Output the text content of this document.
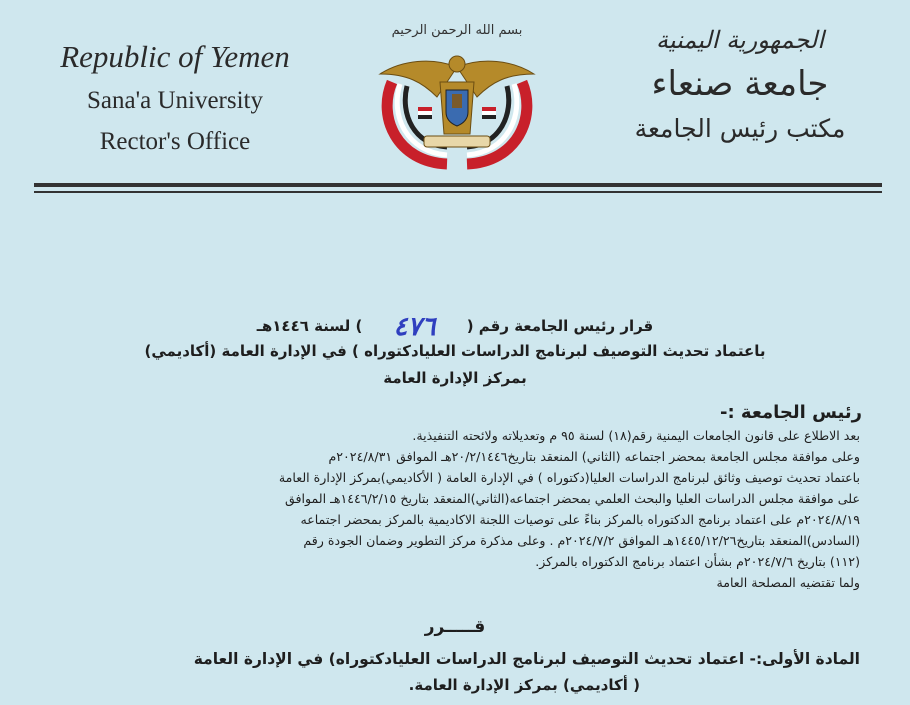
Republic of Yemen
Sana'a University
Rector's Office
بسم الله الرحمن الرحيم	الجمهورية اليمنية
جامعة صنعاء
مكتب رئيس الجامعة
قرار رئيس الجامعة رقم ( ٤٧٦ ) لسنة ١٤٤٦هـ
باعتماد تحديث التوصيف لبرنامج الدراسات العليادكتوراه ) في الإدارة العامة (أكاديمي)
بمركز الإدارة العامة
رئيس الجامعة :-
بعد الاطلاع على قانون الجامعات اليمنية رقم(١٨) لسنة ٩٥ م وتعديلاته ولائحته التنفيذية.
وعلى موافقة مجلس الجامعة بمحضر اجتماعه (الثاني) المنعقد بتاريخ٢٠/٢/١٤٤٦هـ الموافق ٢٠٢٤/٨/٣١م
باعتماد تحديث توصيف وثائق لبرنامج الدراسات العليا(دكتوراه ) في الإدارة العامة ( الأكاديمي)بمركز الإدارة العامة
على موافقة مجلس الدراسات العليا والبحث العلمي بمحضر اجتماعه(الثاني)المنعقد بتاريخ ١٤٤٦/٢/١٥هـ الموافق
٢٠٢٤/٨/١٩م على اعتماد برنامج الدكتوراه بالمركز بناءً على توصيات اللجنة الاكاديمية بالمركز بمحضر اجتماعه
(السادس)المنعقد بتاريخ١٤٤٥/١٢/٢٦هـ الموافق ٢٠٢٤/٧/٢م . وعلى مذكرة مركز التطوير وضمان الجودة رقم
(١١٢) بتاريخ ٢٠٢٤/٧/٦م بشأن اعتماد برنامج الدكتوراه بالمركز.
ولما تقتضيه المصلحة العامة
قـــــرر
المادة الأولى:- اعتماد تحديث التوصيف لبرنامج الدراسات العليادكتوراه) في الإدارة العامة
( أكاديمي) بمركز الإدارة العامة.
